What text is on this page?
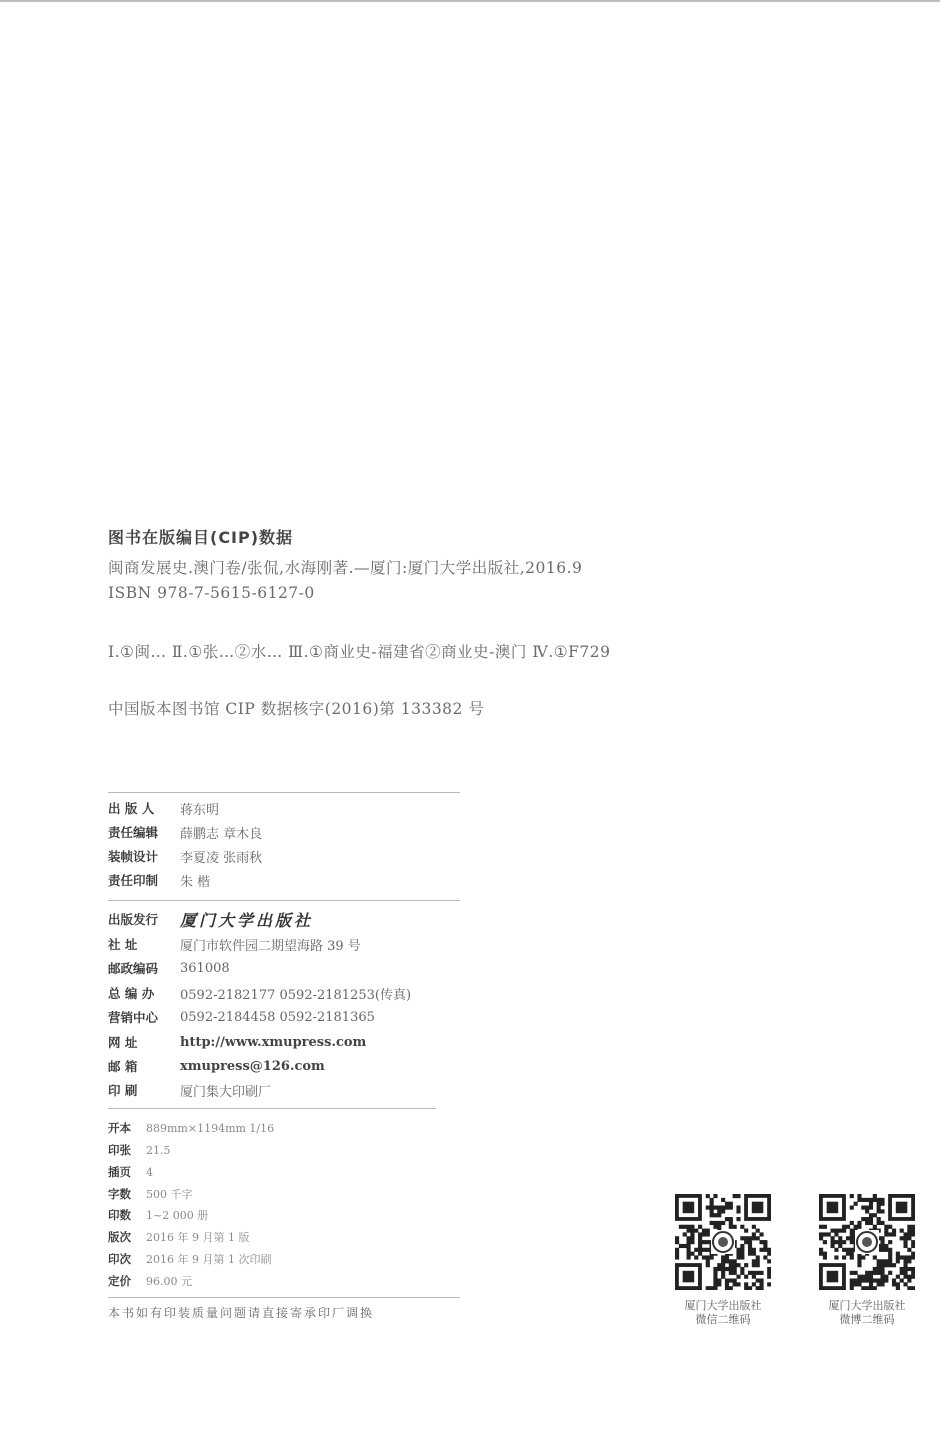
图书在版编目(CIP)数据
闽商发展史.澳门卷/张侃,水海刚著.—厦门:厦门大学出版社,2016.9
ISBN 978-7-5615-6127-0
Ⅰ.①闽… Ⅱ.①张…②水… Ⅲ.①商业史-福建省②商业史-澳门 Ⅳ.①F729
中国版本图书馆 CIP 数据核字(2016)第 133382 号
出 版 人	蒋东明
责任编辑	薛鹏志 章木良
装帧设计	李夏凌 张雨秋
责任印制	朱 楷
出版发行	厦门大学出版社
社 址	厦门市软件园二期望海路 39 号
邮政编码	361008
总 编 办	0592-2182177 0592-2181253(传真)
营销中心	0592-2184458 0592-2181365
网 址	http://www.xmupress.com
邮 箱	xmupress@126.com
印 刷	厦门集大印刷厂
开本	889mm×1194mm 1/16
印张	21.5
插页	4
字数	500 千字
印数	1~2 000 册
版次	2016 年 9 月第 1 版
印次	2016 年 9 月第 1 次印刷
定价	96.00 元
本书如有印装质量问题请直接寄承印厂调换
厦门大学出版社
微信二维码
厦门大学出版社
微博二维码
